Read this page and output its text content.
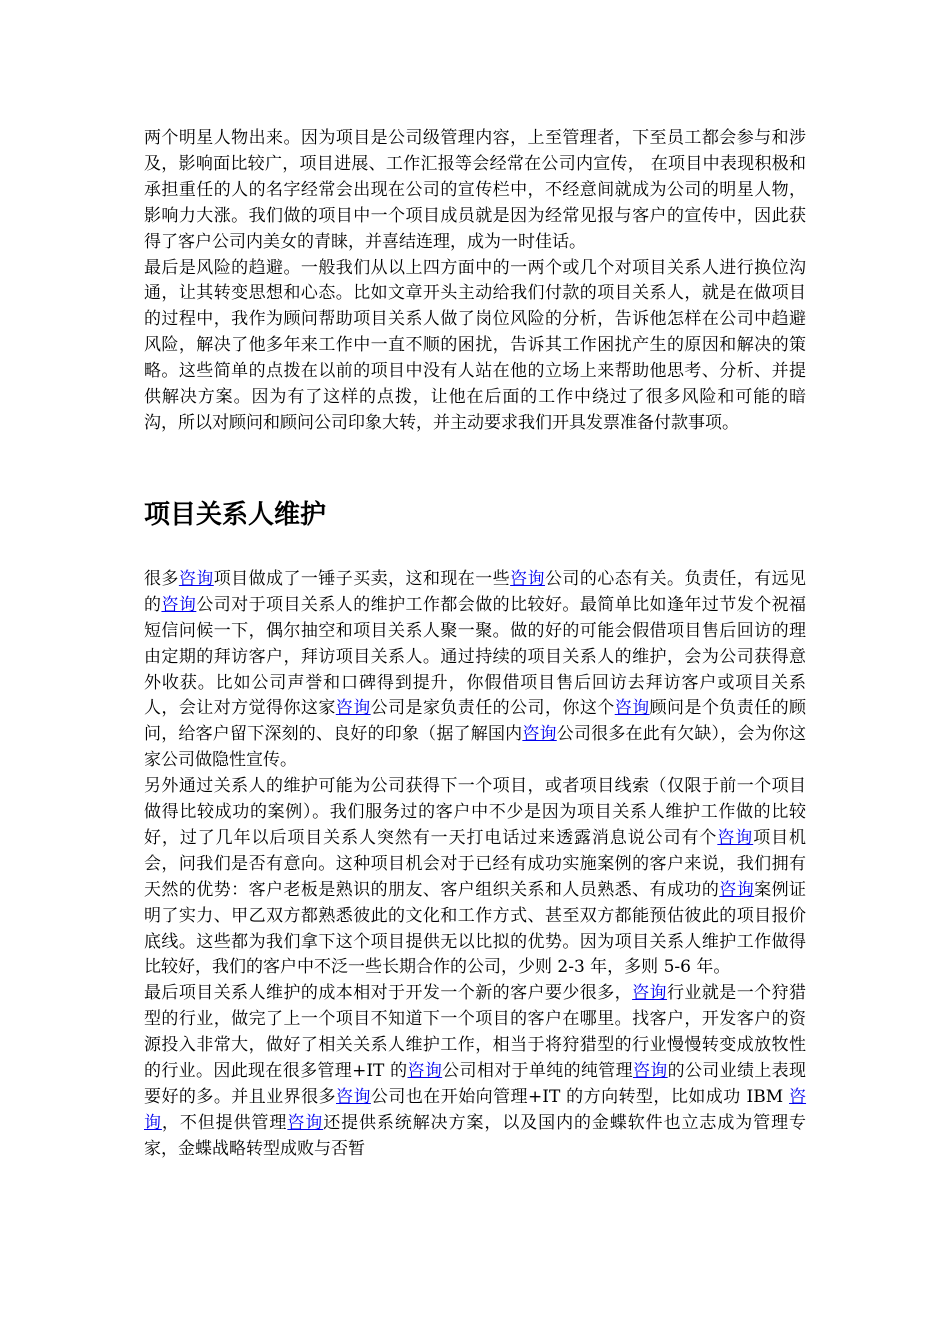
两个明星人物出来。因为项目是公司级管理内容，上至管理者，下至员工都会参与和涉及，影响面比较广，项目进展、工作汇报等会经常在公司内宣传， 在项目中表现积极和承担重任的人的名字经常会出现在公司的宣传栏中，不经意间就成为公司的明星人物，影响力大涨。我们做的项目中一个项目成员就是因为经常见报与客户的宣传中，因此获得了客户公司内美女的青睐，并喜结连理，成为一时佳话。

最后是风险的趋避。一般我们从以上四方面中的一两个或几个对项目关系人进行换位沟通，让其转变思想和心态。比如文章开头主动给我们付款的项目关系人，就是在做项目的过程中，我作为顾问帮助项目关系人做了岗位风险的分析，告诉他怎样在公司中趋避风险，解决了他多年来工作中一直不顺的困扰，告诉其工作困扰产生的原因和解决的策略。这些简单的点拨在以前的项目中没有人站在他的立场上来帮助他思考、分析、并提供解决方案。因为有了这样的点拨，让他在后面的工作中绕过了很多风险和可能的暗沟，所以对顾问和顾问公司印象大转，并主动要求我们开具发票准备付款事项。

项目关系人维护

很多咨询项目做成了一锤子买卖，这和现在一些咨询公司的心态有关。负责任，有远见的咨询公司对于项目关系人的维护工作都会做的比较好。最简单比如逢年过节发个祝福短信问候一下，偶尔抽空和项目关系人聚一聚。做的好的可能会假借项目售后回访的理由定期的拜访客户，拜访项目关系人。通过持续的项目关系人的维护，会为公司获得意外收获。比如公司声誉和口碑得到提升，你假借项目售后回访去拜访客户或项目关系人，会让对方觉得你这家咨询公司是家负责任的公司，你这个咨询顾问是个负责任的顾问，给客户留下深刻的、良好的印象（据了解国内咨询公司很多在此有欠缺），会为你这家公司做隐性宣传。

另外通过关系人的维护可能为公司获得下一个项目，或者项目线索（仅限于前一个项目做得比较成功的案例）。我们服务过的客户中不少是因为项目关系人维护工作做的比较好，过了几年以后项目关系人突然有一天打电话过来透露消息说公司有个咨询项目机会，问我们是否有意向。这种项目机会对于已经有成功实施案例的客户来说，我们拥有天然的优势：客户老板是熟识的朋友、客户组织关系和人员熟悉、有成功的咨询案例证明了实力、甲乙双方都熟悉彼此的文化和工作方式、甚至双方都能预估彼此的项目报价底线。这些都为我们拿下这个项目提供无以比拟的优势。因为项目关系人维护工作做得比较好，我们的客户中不泛一些长期合作的公司，少则 2-3 年，多则 5-6 年。

最后项目关系人维护的成本相对于开发一个新的客户要少很多，咨询行业就是一个狩猎型的行业，做完了上一个项目不知道下一个项目的客户在哪里。找客户，开发客户的资源投入非常大，做好了相关关系人维护工作，相当于将狩猎型的行业慢慢转变成放牧性的行业。因此现在很多管理+IT 的咨询公司相对于单纯的纯管理咨询的公司业绩上表现要好的多。并且业界很多咨询公司也在开始向管理+IT 的方向转型，比如成功 IBM 咨询，不但提供管理咨询还提供系统解决方案，以及国内的金蝶软件也立志成为管理专家，金蝶战略转型成败与否暂
